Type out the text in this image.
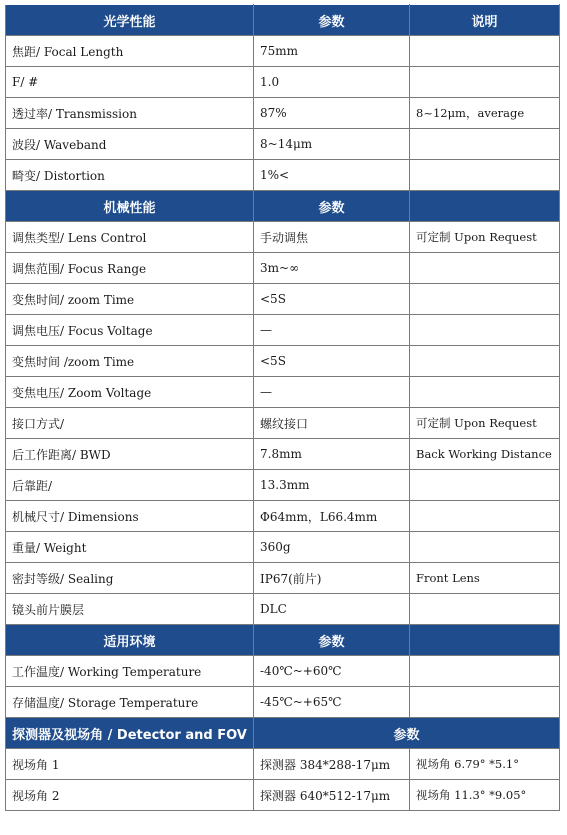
光学性能	参数	说明
焦距/ Focal Length	75mm	
F/ #	1.0	
透过率/ Transmission	87%	8~12μm，average
波段/ Waveband	8~14μm	
畸变/ Distortion	1%<	
机械性能	参数	
调焦类型/ Lens Control	手动调焦	可定制 Upon Request
调焦范围/ Focus Range	3m~∞	
变焦时间/ zoom Time	<5S	
调焦电压/ Focus Voltage	—	
变焦时间 /zoom Time	<5S	
变焦电压/ Zoom Voltage	—	
接口方式/	螺纹接口	可定制 Upon Request
后工作距离/ BWD	7.8mm	Back Working Distance
后靠距/	13.3mm	
机械尺寸/ Dimensions	Φ64mm，L66.4mm	
重量/ Weight	360g	
密封等级/ Sealing	IP67(前片)	Front Lens
镜头前片膜层	DLC	
适用环境	参数	
工作温度/ Working Temperature	-40℃~+60℃	
存储温度/ Storage Temperature	-45℃~+65℃	
探测器及视场角 / Detector and FOV	参数	
视场角 1	探测器 384*288-17μm	视场角 6.79° *5.1°
视场角 2	探测器 640*512-17μm	视场角 11.3° *9.05°
